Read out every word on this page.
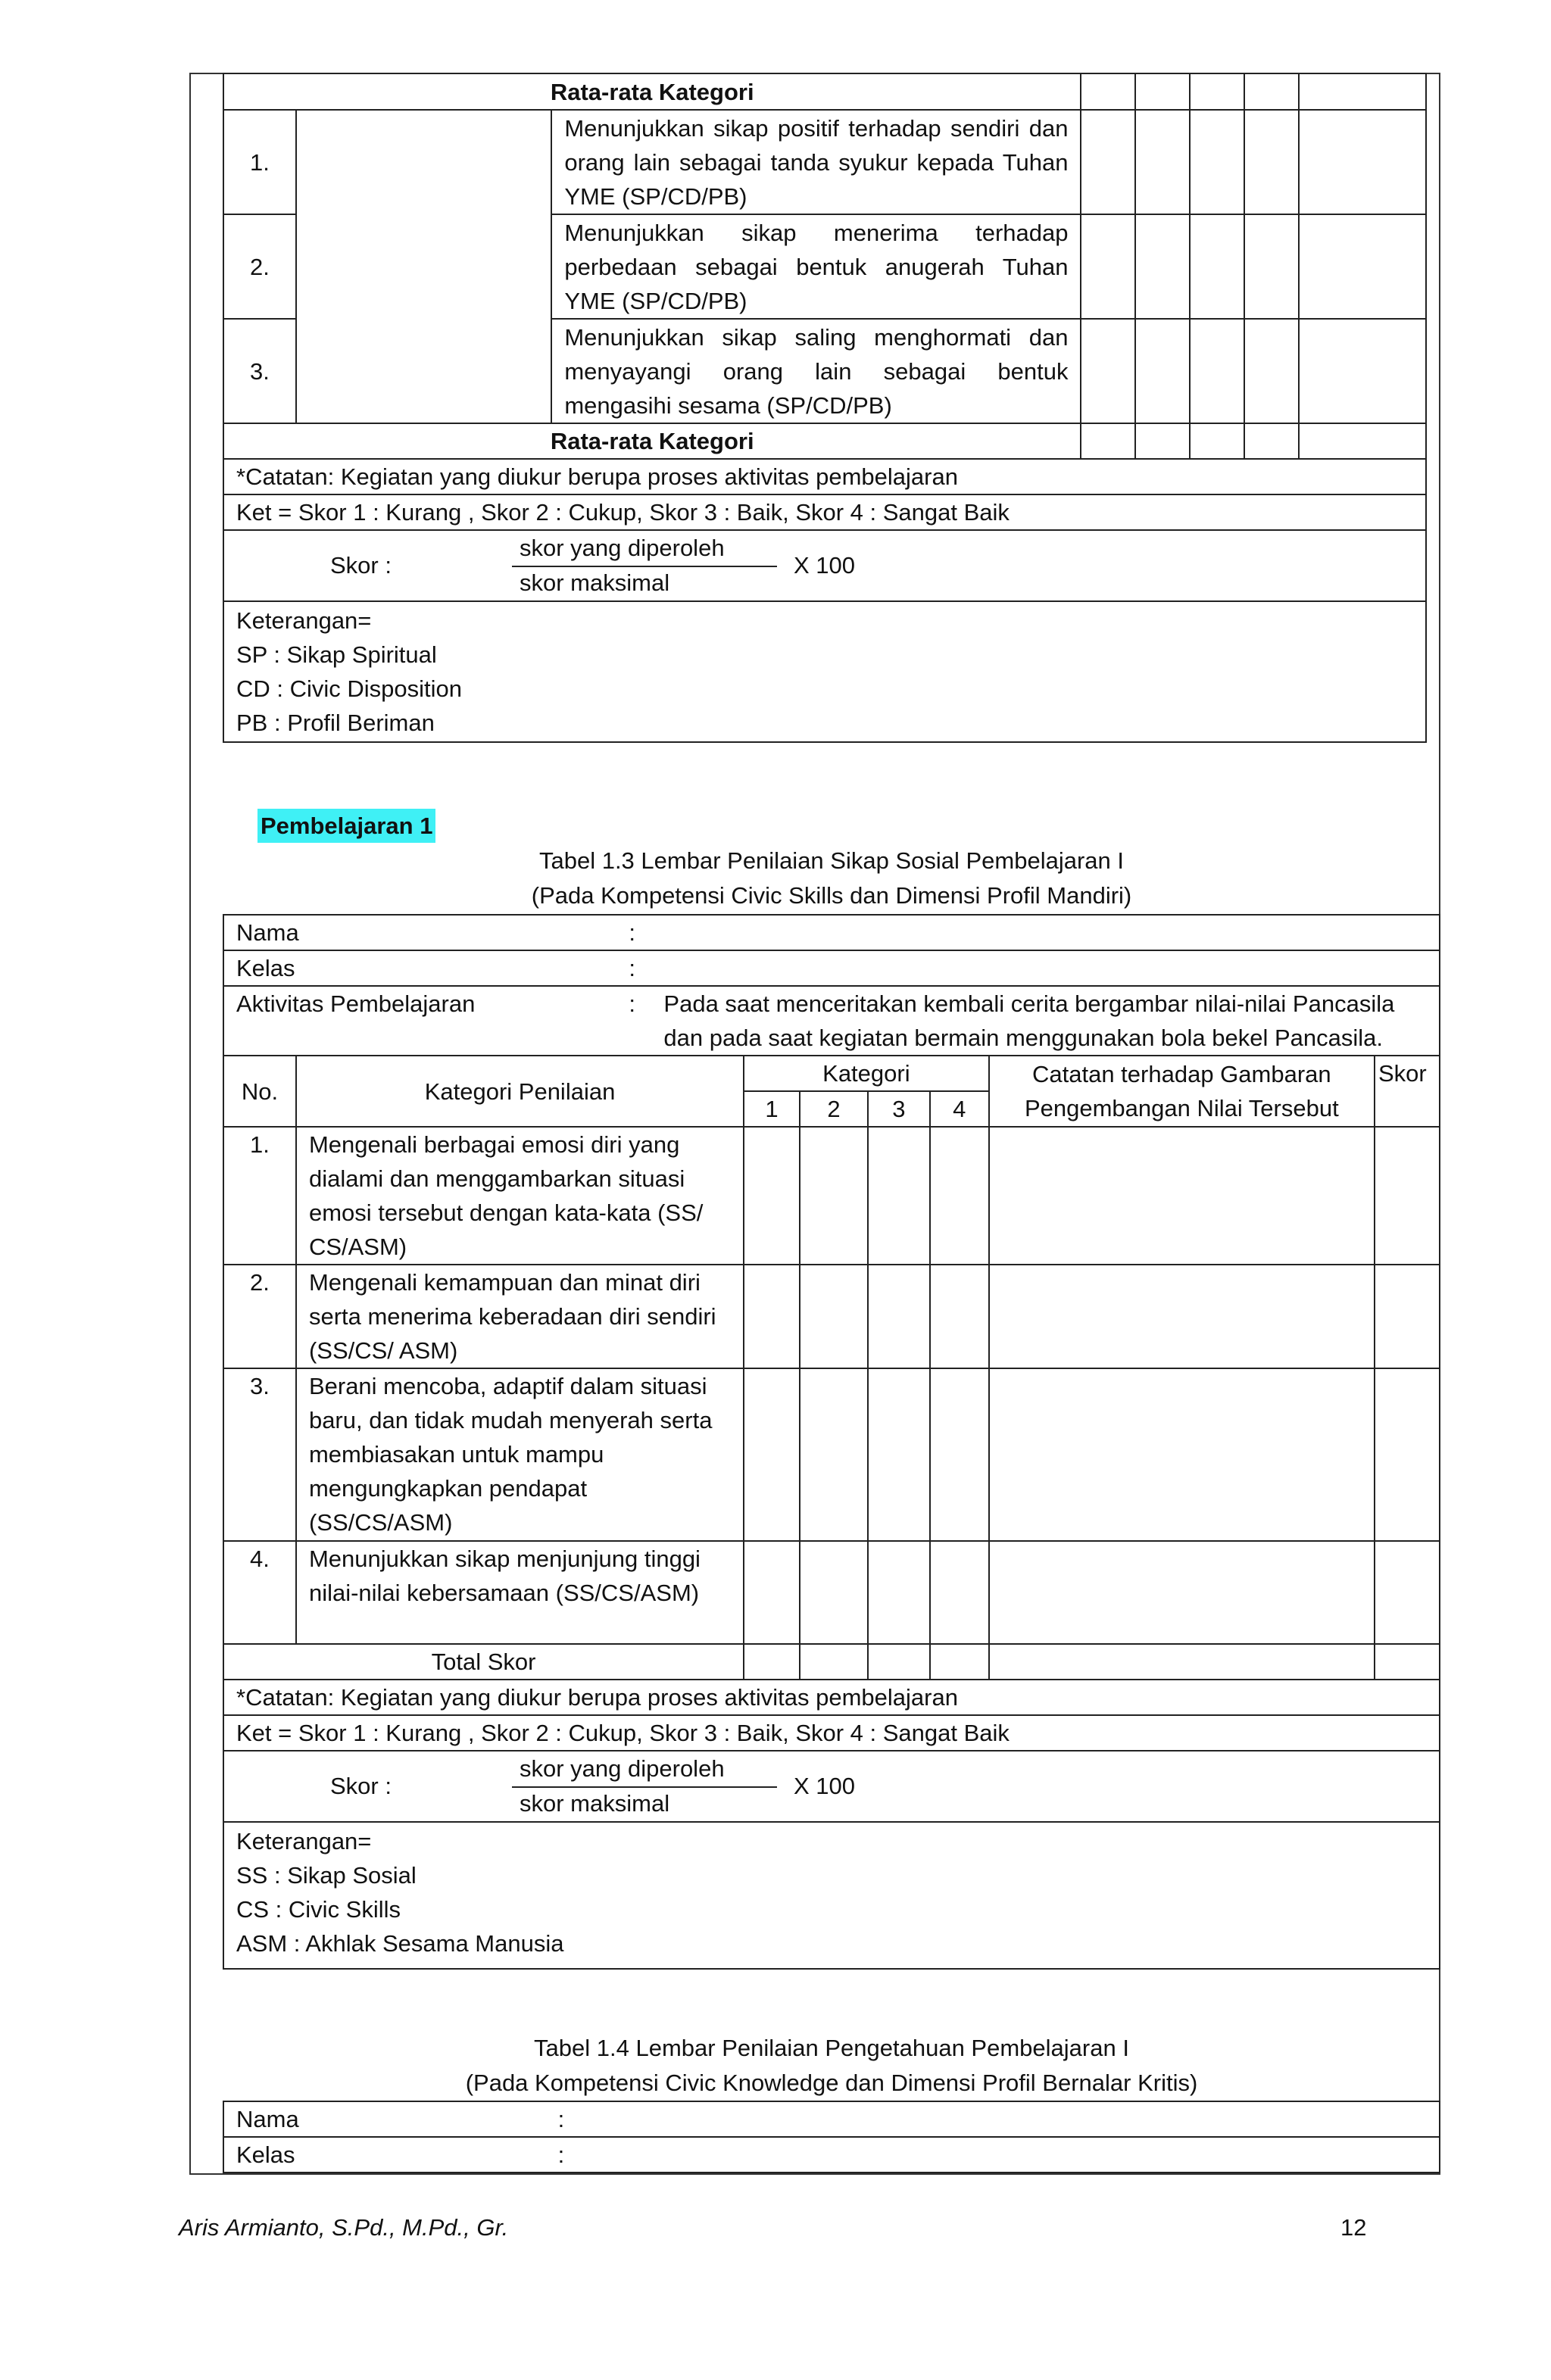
Rata-rata Kategori							
1.		Menunjukkan sikap positif terhadap sendiri dan orang lain sebagai tanda syukur kepada Tuhan YME (SP/CD/PB)					
2.		Menunjukkan sikap menerima terhadap perbedaan sebagai bentuk anugerah Tuhan YME (SP/CD/PB)					
3.		Menunjukkan sikap saling menghormati dan menyayangi orang lain sebagai bentuk mengasihi sesama (SP/CD/PB)					
Rata-rata Kategori							
*Catatan: Kegiatan yang diukur berupa proses aktivitas pembelajaran							
Ket = Skor 1 : Kurang , Skor 2 : Cukup, Skor 3 : Baik, Skor 4 : Sangat Baik							

Skor :
skor yang diperoleh
skor maksimal
X 100							

Keterangan=
SP : Sikap Spiritual
CD : Civic Disposition
PB : Profil Beriman							
Pembelajaran 1
Tabel 1.3 Lembar Penilaian Sikap Sosial Pembelajaran I
(Pada Kompetensi Civic Skills dan Dimensi Profil Mandiri)
Nama		:						
Kelas		:						
Aktivitas Pembelajaran		: Pada saat menceritakan kembali cerita bergambar nilai-nilai Pancasila dan pada saat kegiatan bermain menggunakan bola bekel Pancasila.						

No.	Kategori Penilaian		Kategori				Catatan terhadap Gambaran Pengembangan Nilai Tersebut	Skor
			1	2	3	4		
1.	Mengenali berbagai emosi diri yang dialami dan menggambarkan situasi emosi tersebut dengan kata-kata (SS/ CS/ASM)							
2.	Mengenali kemampuan dan minat diri serta menerima keberadaan diri sendiri (SS/CS/ ASM)							
3.	Berani mencoba, adaptif dalam situasi baru, dan tidak mudah menyerah serta membiasakan untuk mampu mengungkapkan pendapat (SS/CS/ASM)							
4.	Menunjukkan sikap menjunjung tinggi nilai-nilai kebersamaan (SS/CS/ASM)							
Total Skor								
*Catatan: Kegiatan yang diukur berupa proses aktivitas pembelajaran								
Ket = Skor 1 : Kurang , Skor 2 : Cukup, Skor 3 : Baik, Skor 4 : Sangat Baik								

Skor :
skor yang diperoleh
skor maksimal
X 100								

Keterangan=
SS : Sikap Sosial
CS : Civic Skills
ASM : Akhlak Sesama Manusia								
Tabel 1.4 Lembar Penilaian Pengetahuan Pembelajaran I
(Pada Kompetensi Civic Knowledge dan Dimensi Profil Bernalar Kritis)
Nama	:
Kelas	:
Aris Armianto, S.Pd., M.Pd., Gr.	12
